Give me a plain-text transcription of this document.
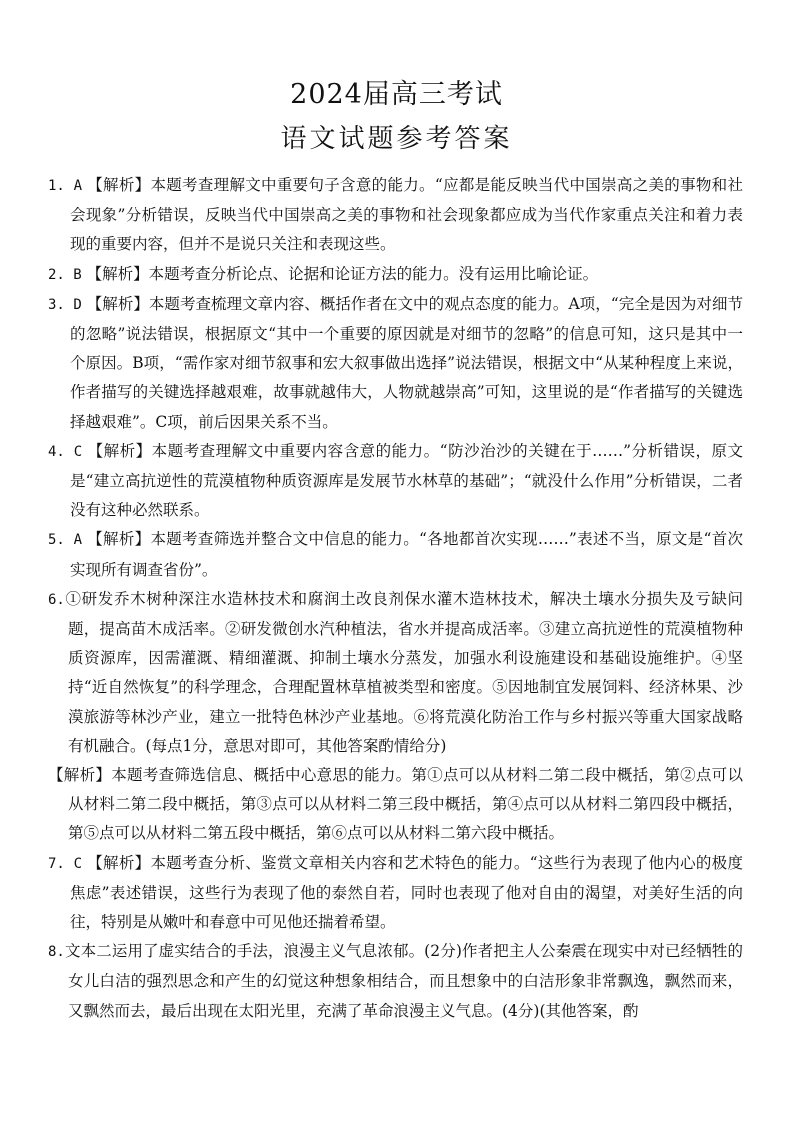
2024届高三考试
语文试题参考答案

1. A 【解析】本题考查理解文中重要句子含意的能力。“应都是能反映当代中国崇高之美的事物和社会现象”分析错误，反映当代中国崇高之美的事物和社会现象都应成为当代作家重点关注和着力表现的重要内容，但并不是说只关注和表现这些。

2. B 【解析】本题考查分析论点、论据和论证方法的能力。没有运用比喻论证。

3. D 【解析】本题考查梳理文章内容、概括作者在文中的观点态度的能力。A项，“完全是因为对细节的忽略”说法错误，根据原文“其中一个重要的原因就是对细节的忽略”的信息可知，这只是其中一个原因。B项，“需作家对细节叙事和宏大叙事做出选择”说法错误，根据文中“从某种程度上来说，作者描写的关键选择越艰难，故事就越伟大，人物就越崇高”可知，这里说的是“作者描写的关键选择越艰难”。C项，前后因果关系不当。

4. C 【解析】本题考查理解文中重要内容含意的能力。“防沙治沙的关键在于……”分析错误，原文是“建立高抗逆性的荒漠植物种质资源库是发展节水林草的基础”；“就没什么作用”分析错误，二者没有这种必然联系。

5. A 【解析】本题考查筛选并整合文中信息的能力。“各地都首次实现……”表述不当，原文是“首次实现所有调查省份”。

6.①研发乔木树种深注水造林技术和腐润土改良剂保水灌木造林技术，解决土壤水分损失及亏缺问题，提高苗木成活率。②研发微创水汽种植法，省水并提高成活率。③建立高抗逆性的荒漠植物种质资源库，因需灌溉、精细灌溉、抑制土壤水分蒸发，加强水利设施建设和基础设施维护。④坚持“近自然恢复”的科学理念，合理配置林草植被类型和密度。⑤因地制宜发展饲料、经济林果、沙漠旅游等林沙产业，建立一批特色林沙产业基地。⑥将荒漠化防治工作与乡村振兴等重大国家战略有机融合。(每点1分，意思对即可，其他答案酌情给分)

【解析】本题考查筛选信息、概括中心意思的能力。第①点可以从材料二第二段中概括，第②点可以从材料二第二段中概括，第③点可以从材料二第三段中概括，第④点可以从材料二第四段中概括，第⑤点可以从材料二第五段中概括，第⑥点可以从材料二第六段中概括。

7. C 【解析】本题考查分析、鉴赏文章相关内容和艺术特色的能力。“这些行为表现了他内心的极度焦虑”表述错误，这些行为表现了他的泰然自若，同时也表现了他对自由的渴望，对美好生活的向往，特别是从嫩叶和春意中可见他还揣着希望。

8.文本二运用了虚实结合的手法，浪漫主义气息浓郁。(2分)作者把主人公秦震在现实中对已经牺牲的女儿白洁的强烈思念和产生的幻觉这种想象相结合，而且想象中的白洁形象非常飘逸，飘然而来，又飘然而去，最后出现在太阳光里，充满了革命浪漫主义气息。(4分)(其他答案，酌
